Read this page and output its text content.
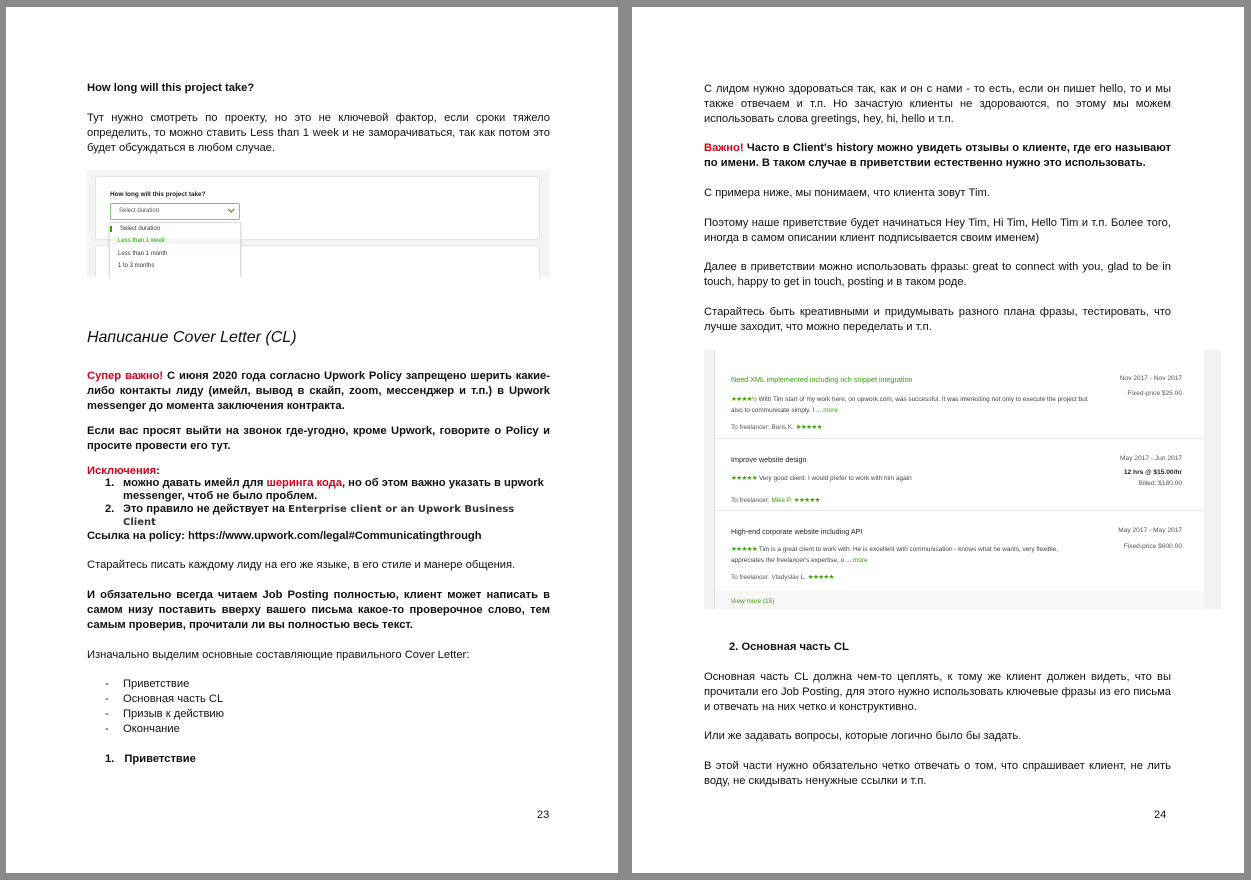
How long will this project take?

Тут нужно смотреть по проекту, но это не ключевой фактор, если сроки тяжело определить, то можно ставить Less than 1 week и не заморачиваться, так как потом это будет обсуждаться в любом случае.

How long will this project take?
Select duration
Select duration
Less than 1 week
Less than 1 month
1 to 3 months

Написание Cover Letter (CL)

Супер важно! С июня 2020 года согласно Upwork Policy запрещено шерить какие-либо контакты лиду (имейл, вывод в скайп, zoom, мессенджер и т.п.) в Upwork messenger до момента заключения контракта.

Если вас просят выйти на звонок где-угодно, кроме Upwork, говорите о Policy и просите провести его тут.

Исключения:

1. можно давать имейл для шеринга кода, но об этом важно указать в upwork messenger, чтоб не было проблем.
2. Это правило не действует на Enterprise client or an Upwork Business Client

Ссылка на policy: https://www.upwork.com/legal#Communicatingthrough

Старайтесь писать каждому лиду на его же языке, в его стиле и манере общения.

И обязательно всегда читаем Job Posting полностью, клиент может написать в самом низу поставить вверху вашего письма какое-то проверочное слово, тем самым проверив, прочитали ли вы полностью весь текст.

Изначально выделим основные составляющие правильного Cover Letter:

- Приветствие
- Основная часть CL
- Призыв к действию
- Окончание

1. Приветствие

23

С лидом нужно здороваться так, как и он с нами - то есть, если он пишет hello, то и мы также отвечаем и т.п. Но зачастую клиенты не здороваются, по этому мы можем использовать слова greetings, hey, hi, hello и т.п.

Важно! Часто в Client's history можно увидеть отзывы о клиенте, где его называют по имени. В таком случае в приветствии естественно нужно это использовать.

С примера ниже, мы понимаем, что клиента зовут Tim.

Поэтому наше приветствие будет начинаться Hey Tim, Hi Tim, Hello Tim и т.п. Более того, иногда в самом описании клиент подписывается своим именем)

Далее в приветствии можно использовать фразы: great to connect with you, glad to be in touch, happy to get in touch, posting и в таком роде.

Старайтесь быть креативными и придумывать разного плана фразы, тестировать, что лучше заходит, что можно переделать и т.п.

Need XML implemented including rich snippet integration	Nov 2017 - Nov 2017
Fixed-price $25.00
★★★★½ With Tim start of my work here, on upwork.com, was successful. It was interesting not only to execute the project but also to communicate simply. I ... more
To freelancer: Boris K. ★★★★★
Improve website design	May 2017 - Jun 2017
12 hrs @ $15.00/hr
Billed: $180.00
★★★★★ Very good client. I would prefer to work with him again
To freelancer: Mike P. ★★★★★
High-end corporate website including API	May 2017 - May 2017
Fixed-price $600.00
★★★★★ Tim is a great client to work with. He is excellent with communication - knows what he wants, very flexible, appreciates the freelancer's expertise, o ... more
To freelancer: Vladyslav L. ★★★★★
View more (15)

2. Основная часть CL

Основная часть CL должна чем-то цеплять, к тому же клиент должен видеть, что вы прочитали его Job Posting, для этого нужно использовать ключевые фразы из его письма и отвечать на них четко и конструктивно.

Или же задавать вопросы, которые логично было бы задать.

В этой части нужно обязательно четко отвечать о том, что спрашивает клиент, не лить воду, не скидывать ненужные ссылки и т.п.

24
